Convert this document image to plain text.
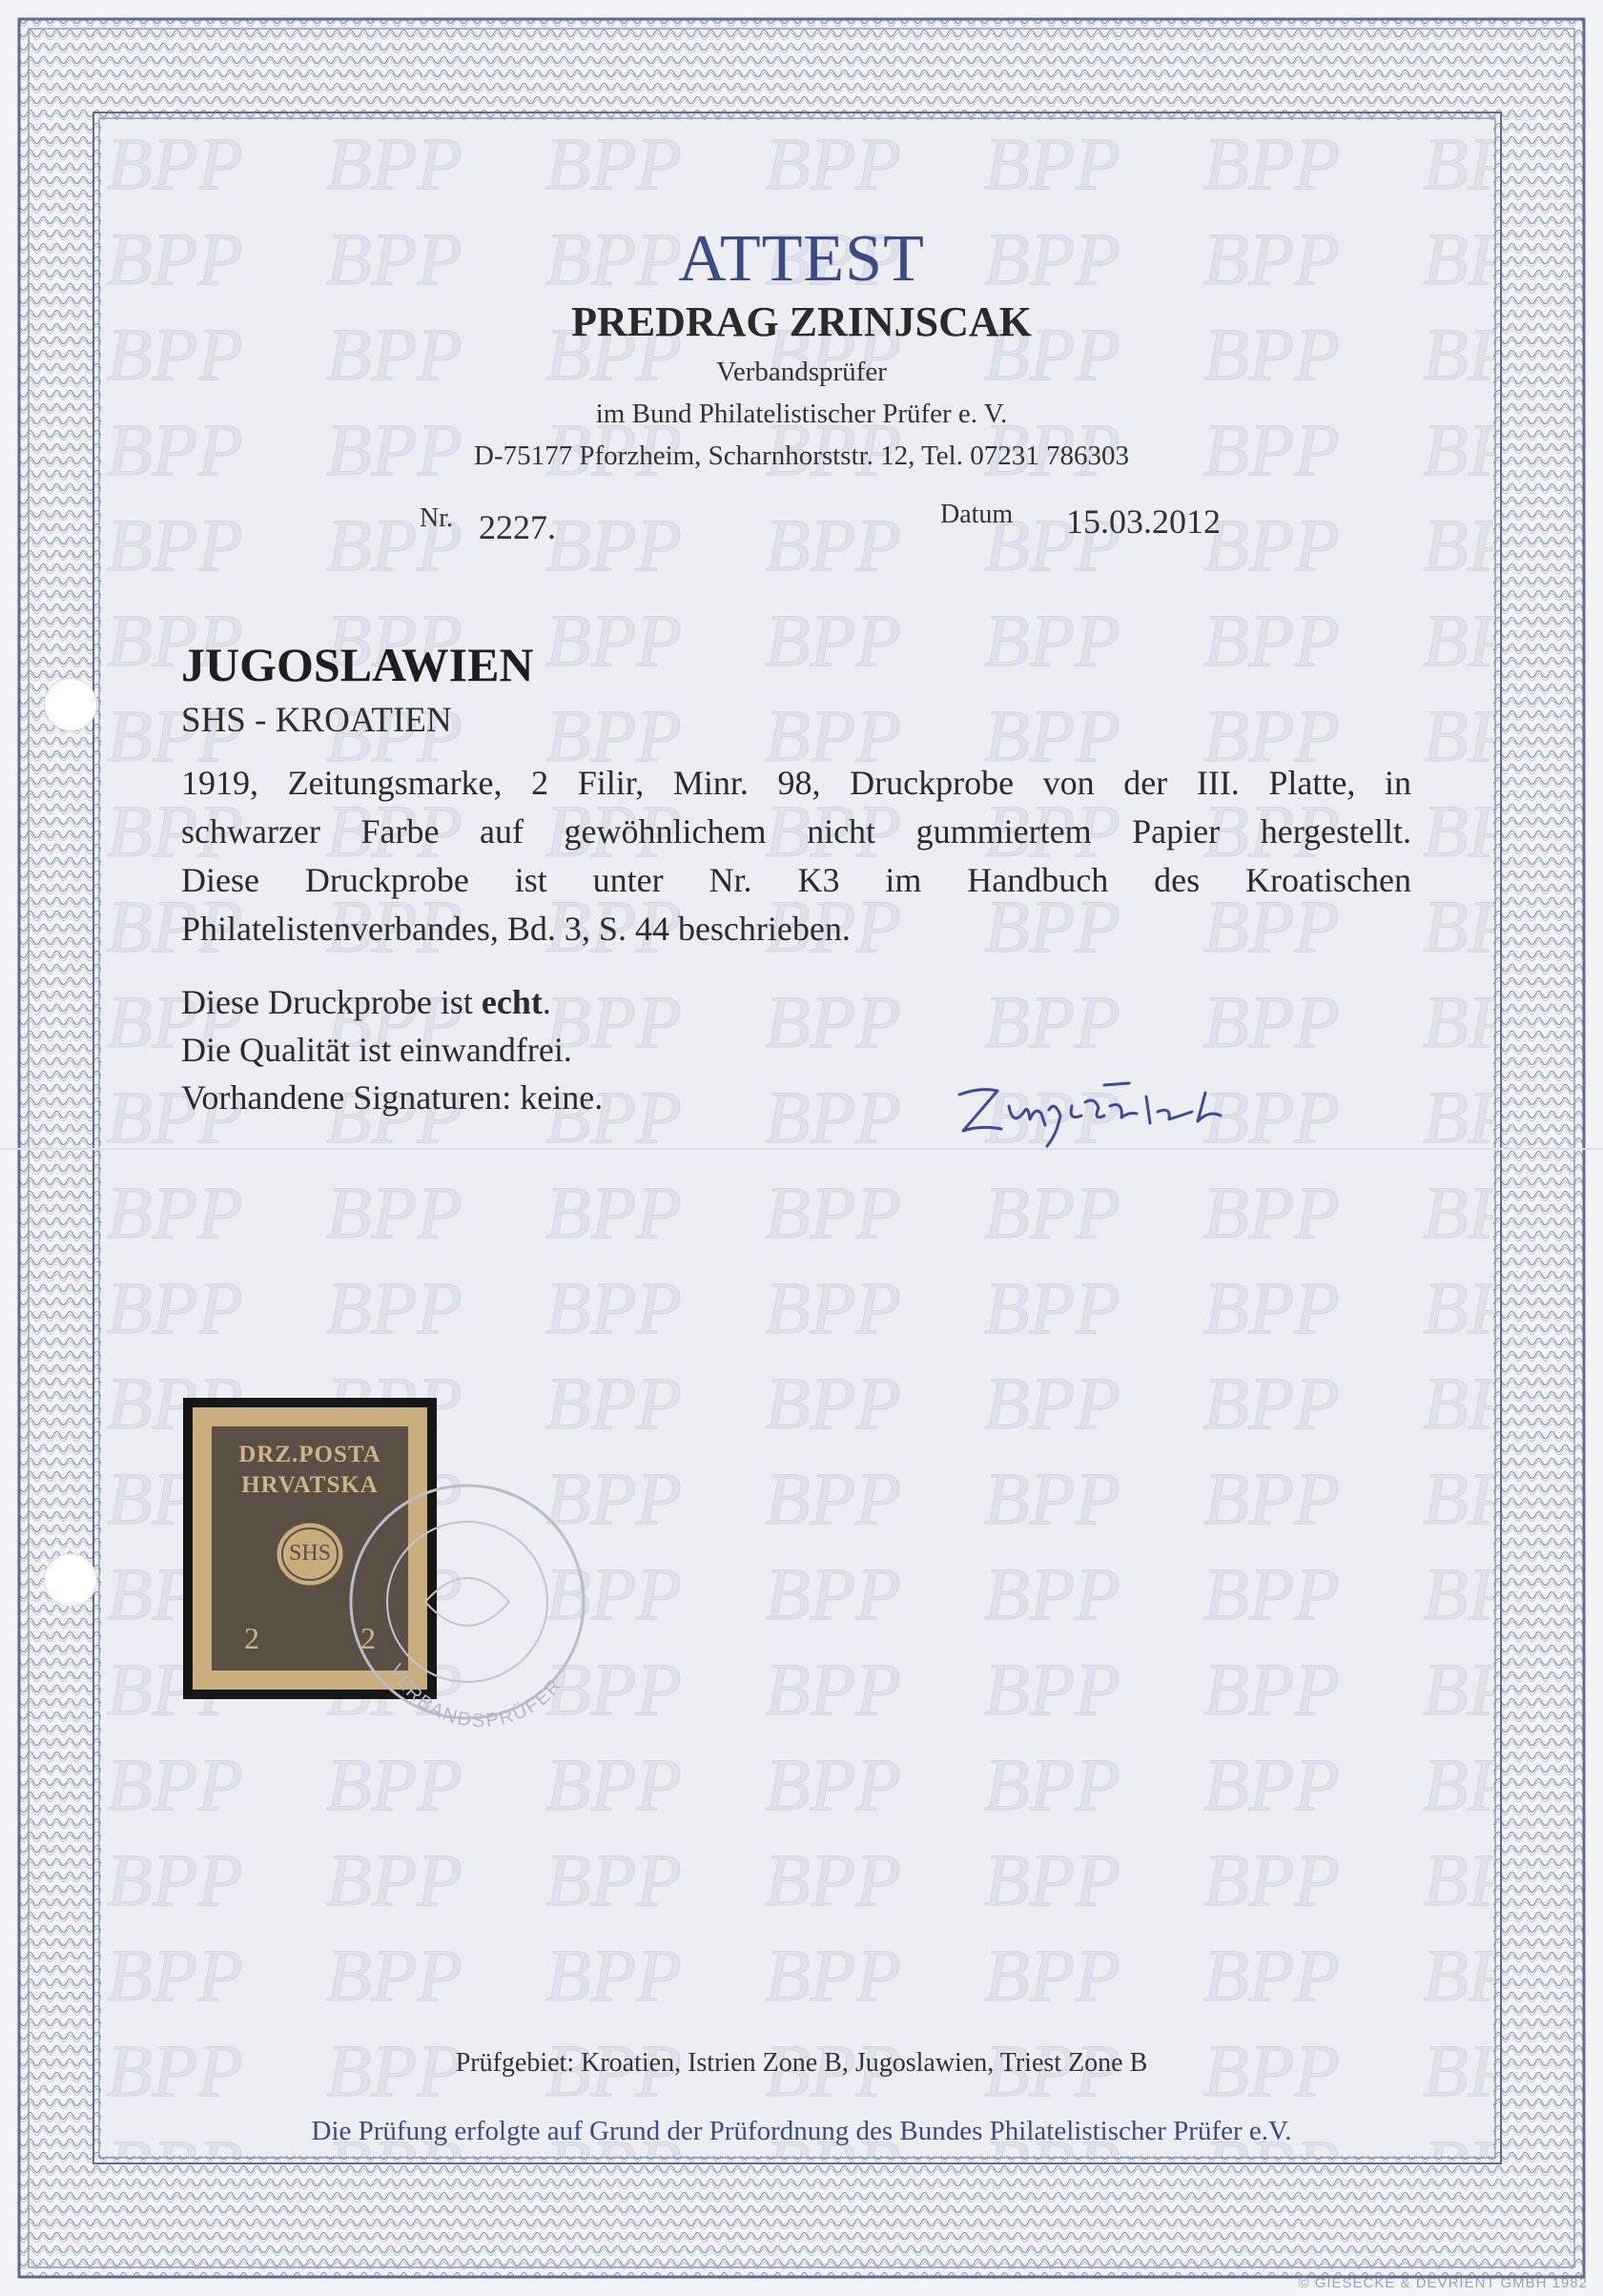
ATTEST
PREDRAG ZRINJSCAK
Verbandsprüfer
im Bund Philatelistischer Prüfer e. V.
D-75177 Pforzheim, Scharnhorststr. 12, Tel. 07231 786303
Nr. 2227.	Datum 15.03.2012
JUGOSLAWIEN
SHS - KROATIEN
1919, Zeitungsmarke, 2 Filir, Minr. 98, Druckprobe von der III. Platte, in
schwarzer Farbe auf gewöhnlichem nicht gummiertem Papier hergestellt.
Diese Druckprobe ist unter Nr. K3 im Handbuch des Kroatischen
Philatelistenverbandes, Bd. 3, S. 44 beschrieben.
Diese Druckprobe ist echt.
Die Qualität ist einwandfrei.
Vorhandene Signaturen: keine.
DRZ.POSTA
HRVATSKA
SHS
2	2
VERBANDSPRÜFER
Prüfgebiet: Kroatien, Istrien Zone B, Jugoslawien, Triest Zone B
Die Prüfung erfolgte auf Grund der Prüfordnung des Bundes Philatelistischer Prüfer e.V.
© GIESECKE & DEVRIENT GMBH 1982
